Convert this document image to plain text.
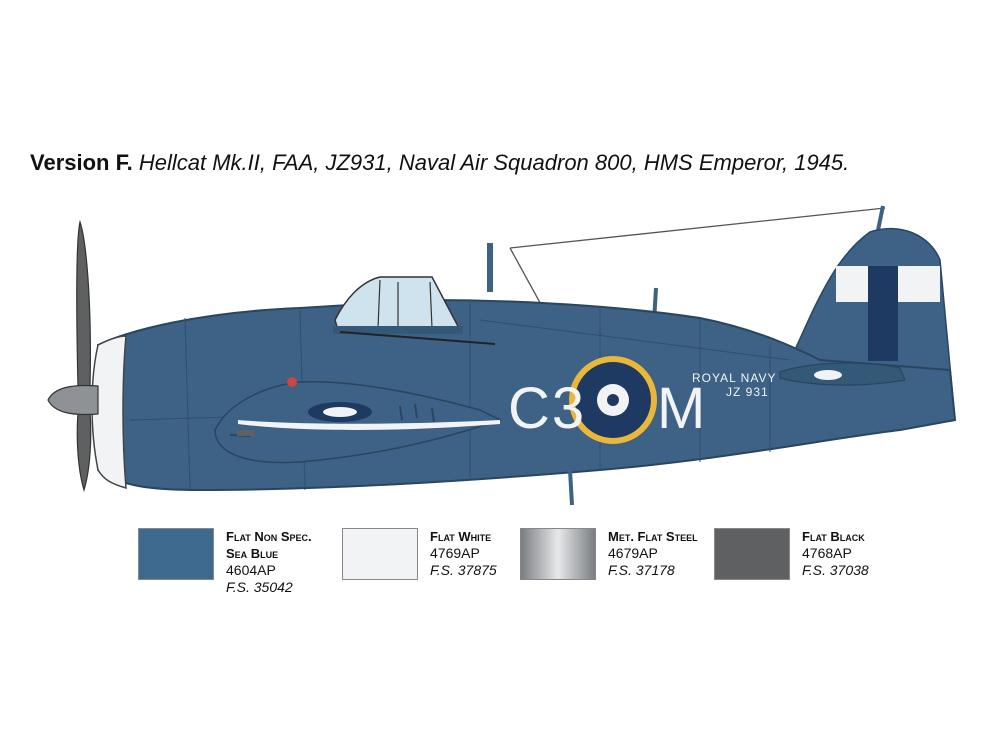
Version F. Hellcat Mk.II, FAA, JZ931, Naval Air Squadron 800, HMS Emperor, 1945.
C3 M
ROYAL NAVY
JZ 931
Flat Non Spec.
Sea Blue
4604AP
F.S. 35042
Flat White
4769AP
F.S. 37875
Met. Flat Steel
4679AP
F.S. 37178
Flat Black
4768AP
F.S. 37038
